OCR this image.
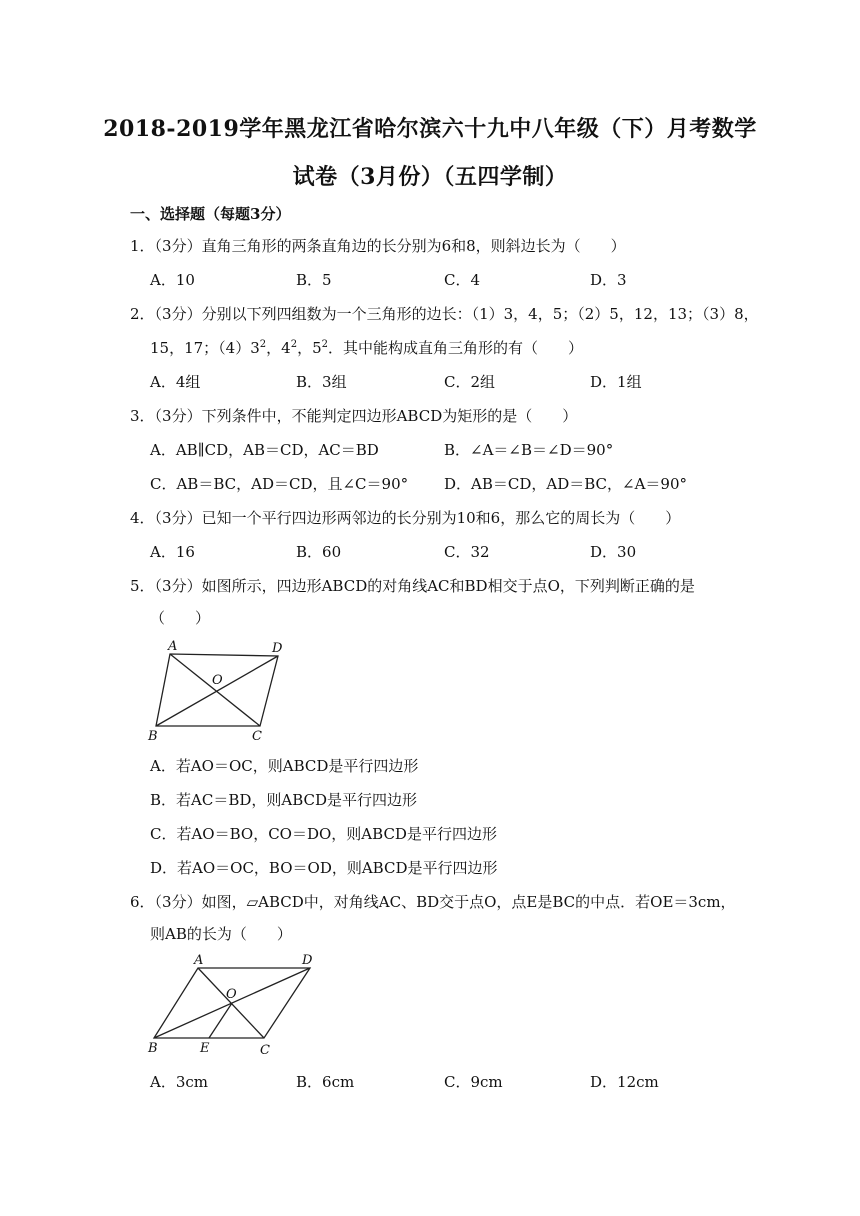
2018-2019学年黑龙江省哈尔滨六十九中八年级（下）月考数学
试卷（3月份）（五四学制）
一、选择题（每题3分）
1．（3分）直角三角形的两条直角边的长分别为6和8，则斜边长为（　　）
A．10	B．5	C．4	D．3
2．（3分）分别以下列四组数为一个三角形的边长：（1）3，4，5；（2）5，12，13；（3）8，
15，17；$(4)3^2$，$4^2$，$5^2$．其中能构成直角三角形的有（　　）
A．4组	B．3组	C．2组	D．1组
3．（3分）下列条件中，不能判定四边形ABCD为矩形的是（　　）
A．AB∥CD，AB＝CD，AC＝BD	B．∠A＝∠B＝∠D＝90°
C．AB＝BC，AD＝CD，且∠C＝90° D．AB＝CD，AD＝BC，∠A＝90°
4．（3分）已知一个平行四边形两邻边的长分别为10和6，那么它的周长为（　　）
A．16	B．60	C．32	D．30
5．（3分）如图所示，四边形ABCD的对角线AC和BD相交于点O，下列判断正确的是
（　　）
A	D
O
B	C
A．若AO＝OC，则ABCD是平行四边形
B．若AC＝BD，则ABCD是平行四边形
C．若AO＝BO，CO＝DO，则ABCD是平行四边形
D．若AO＝OC，BO＝OD，则ABCD是平行四边形
6．（3分）如图，▱ABCD中，对角线AC、BD交于点O，点E是BC的中点．若OE＝3cm，
则AB的长为（　　）
A	D
O
B	E	C
A．3cm	B．6cm	C．9cm	D．12cm
